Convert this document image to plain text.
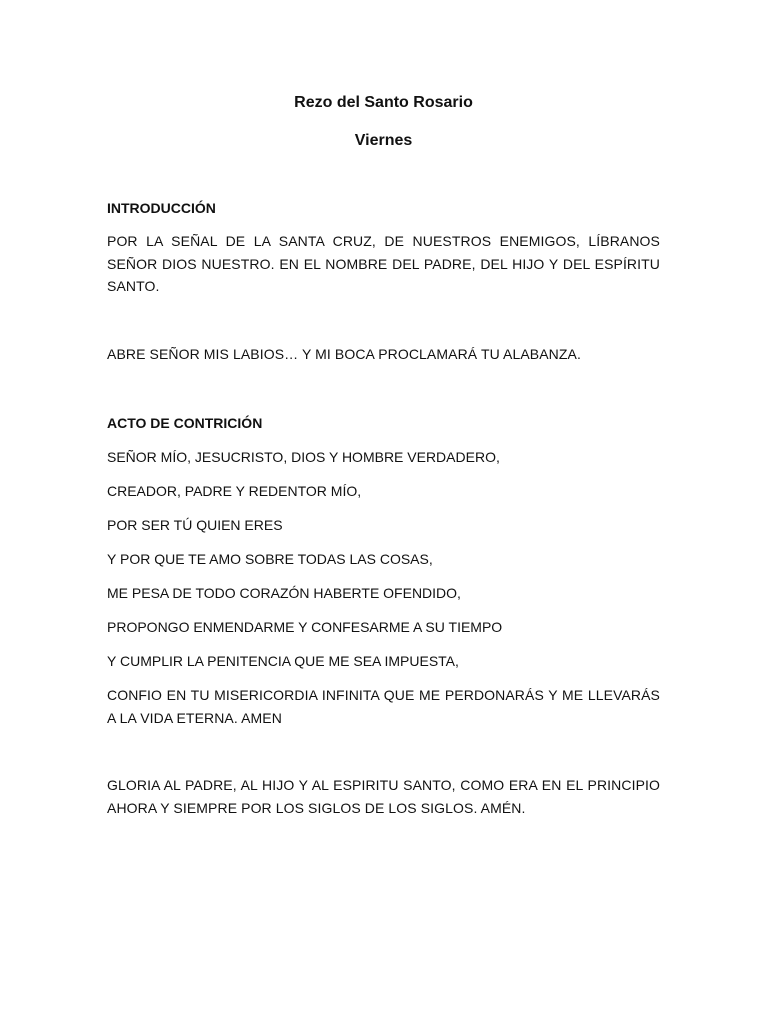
Rezo del Santo Rosario
Viernes
INTRODUCCIÓN

POR LA SEÑAL DE LA SANTA CRUZ, DE NUESTROS ENEMIGOS, LÍBRANOS SEÑOR DIOS NUESTRO. EN EL NOMBRE DEL PADRE, DEL HIJO Y DEL ESPÍRITU SANTO.

ABRE SEÑOR MIS LABIOS… Y MI BOCA PROCLAMARÁ TU ALABANZA.

ACTO DE CONTRICIÓN

SEÑOR MÍO, JESUCRISTO, DIOS Y HOMBRE VERDADERO,

CREADOR, PADRE Y REDENTOR MÍO,

POR SER TÚ QUIEN ERES

Y POR QUE TE AMO SOBRE TODAS LAS COSAS,

ME PESA DE TODO CORAZÓN HABERTE OFENDIDO,

PROPONGO ENMENDARME Y CONFESARME A SU TIEMPO

Y CUMPLIR LA PENITENCIA QUE ME SEA IMPUESTA,

CONFIO EN TU MISERICORDIA INFINITA QUE ME PERDONARÁS Y ME LLEVARÁS A LA VIDA ETERNA. AMEN

GLORIA AL PADRE, AL HIJO Y AL ESPIRITU SANTO, COMO ERA EN EL PRINCIPIO AHORA Y SIEMPRE POR LOS SIGLOS DE LOS SIGLOS. AMÉN.
